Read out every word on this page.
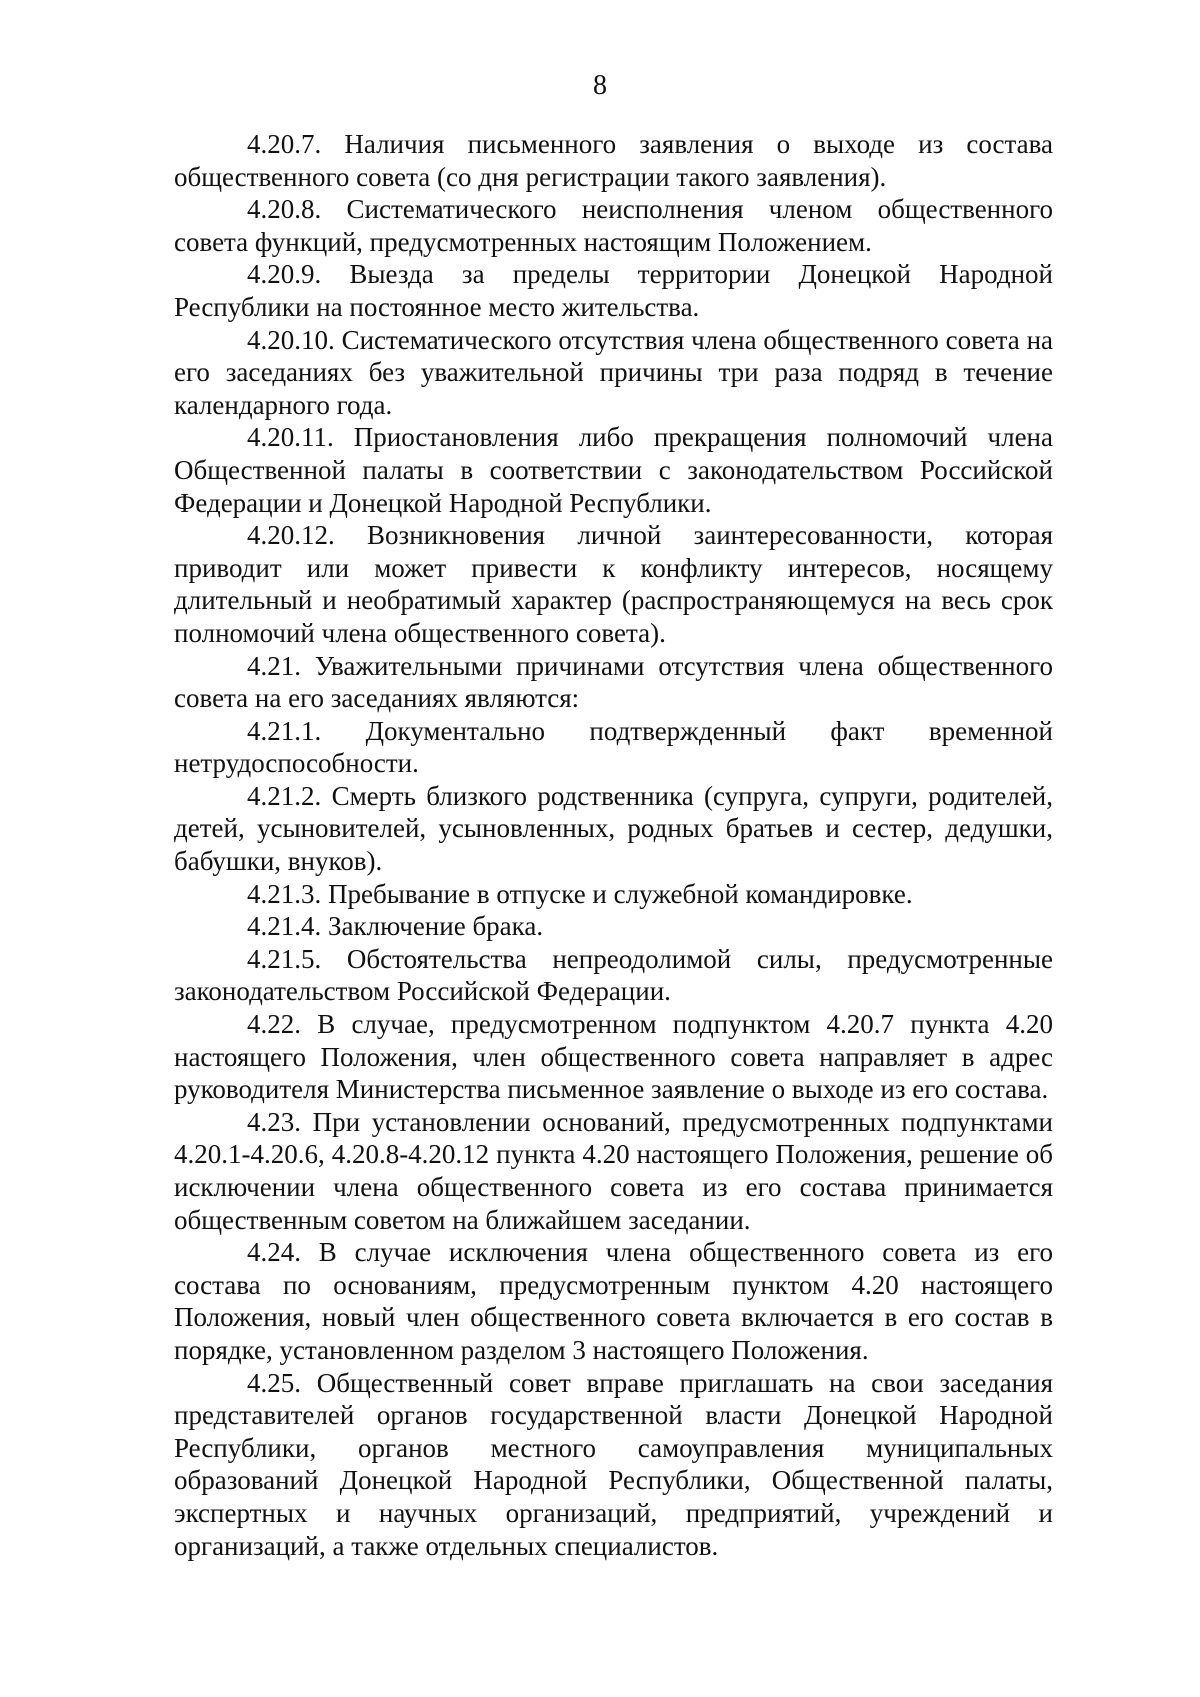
8

4.20.7. Наличия письменного заявления о выходе из состава общественного совета (со дня регистрации такого заявления).

4.20.8. Систематического неисполнения членом общественного совета функций, предусмотренных настоящим Положением.

4.20.9. Выезда за пределы территории Донецкой Народной Республики на постоянное место жительства.

4.20.10. Систематического отсутствия члена общественного совета на его заседаниях без уважительной причины три раза подряд в течение календарного года.

4.20.11. Приостановления либо прекращения полномочий члена Общественной палаты в соответствии с законодательством Российской Федерации и Донецкой Народной Республики.

4.20.12. Возникновения личной заинтересованности, которая приводит или может привести к конфликту интересов, носящему длительный и необратимый характер (распространяющемуся на весь срок полномочий члена общественного совета).

4.21. Уважительными причинами отсутствия члена общественного совета на его заседаниях являются:

4.21.1. Документально подтвержденный факт временной нетрудоспособности.

4.21.2. Смерть близкого родственника (супруга, супруги, родителей, детей, усыновителей, усыновленных, родных братьев и сестер, дедушки, бабушки, внуков).

4.21.3. Пребывание в отпуске и служебной командировке.

4.21.4. Заключение брака.

4.21.5. Обстоятельства непреодолимой силы, предусмотренные законодательством Российской Федерации.

4.22. В случае, предусмотренном подпунктом 4.20.7 пункта 4.20 настоящего Положения, член общественного совета направляет в адрес руководителя Министерства письменное заявление о выходе из его состава.

4.23. При установлении оснований, предусмотренных подпунктами 4.20.1-4.20.6, 4.20.8-4.20.12 пункта 4.20 настоящего Положения, решение об исключении члена общественного совета из его состава принимается общественным советом на ближайшем заседании.

4.24. В случае исключения члена общественного совета из его состава по основаниям, предусмотренным пунктом 4.20 настоящего Положения, новый член общественного совета включается в его состав в порядке, установленном разделом 3 настоящего Положения.

4.25. Общественный совет вправе приглашать на свои заседания представителей органов государственной власти Донецкой Народной Республики, органов местного самоуправления муниципальных образований Донецкой Народной Республики, Общественной палаты, экспертных и научных организаций, предприятий, учреждений и организаций, а также отдельных специалистов.
